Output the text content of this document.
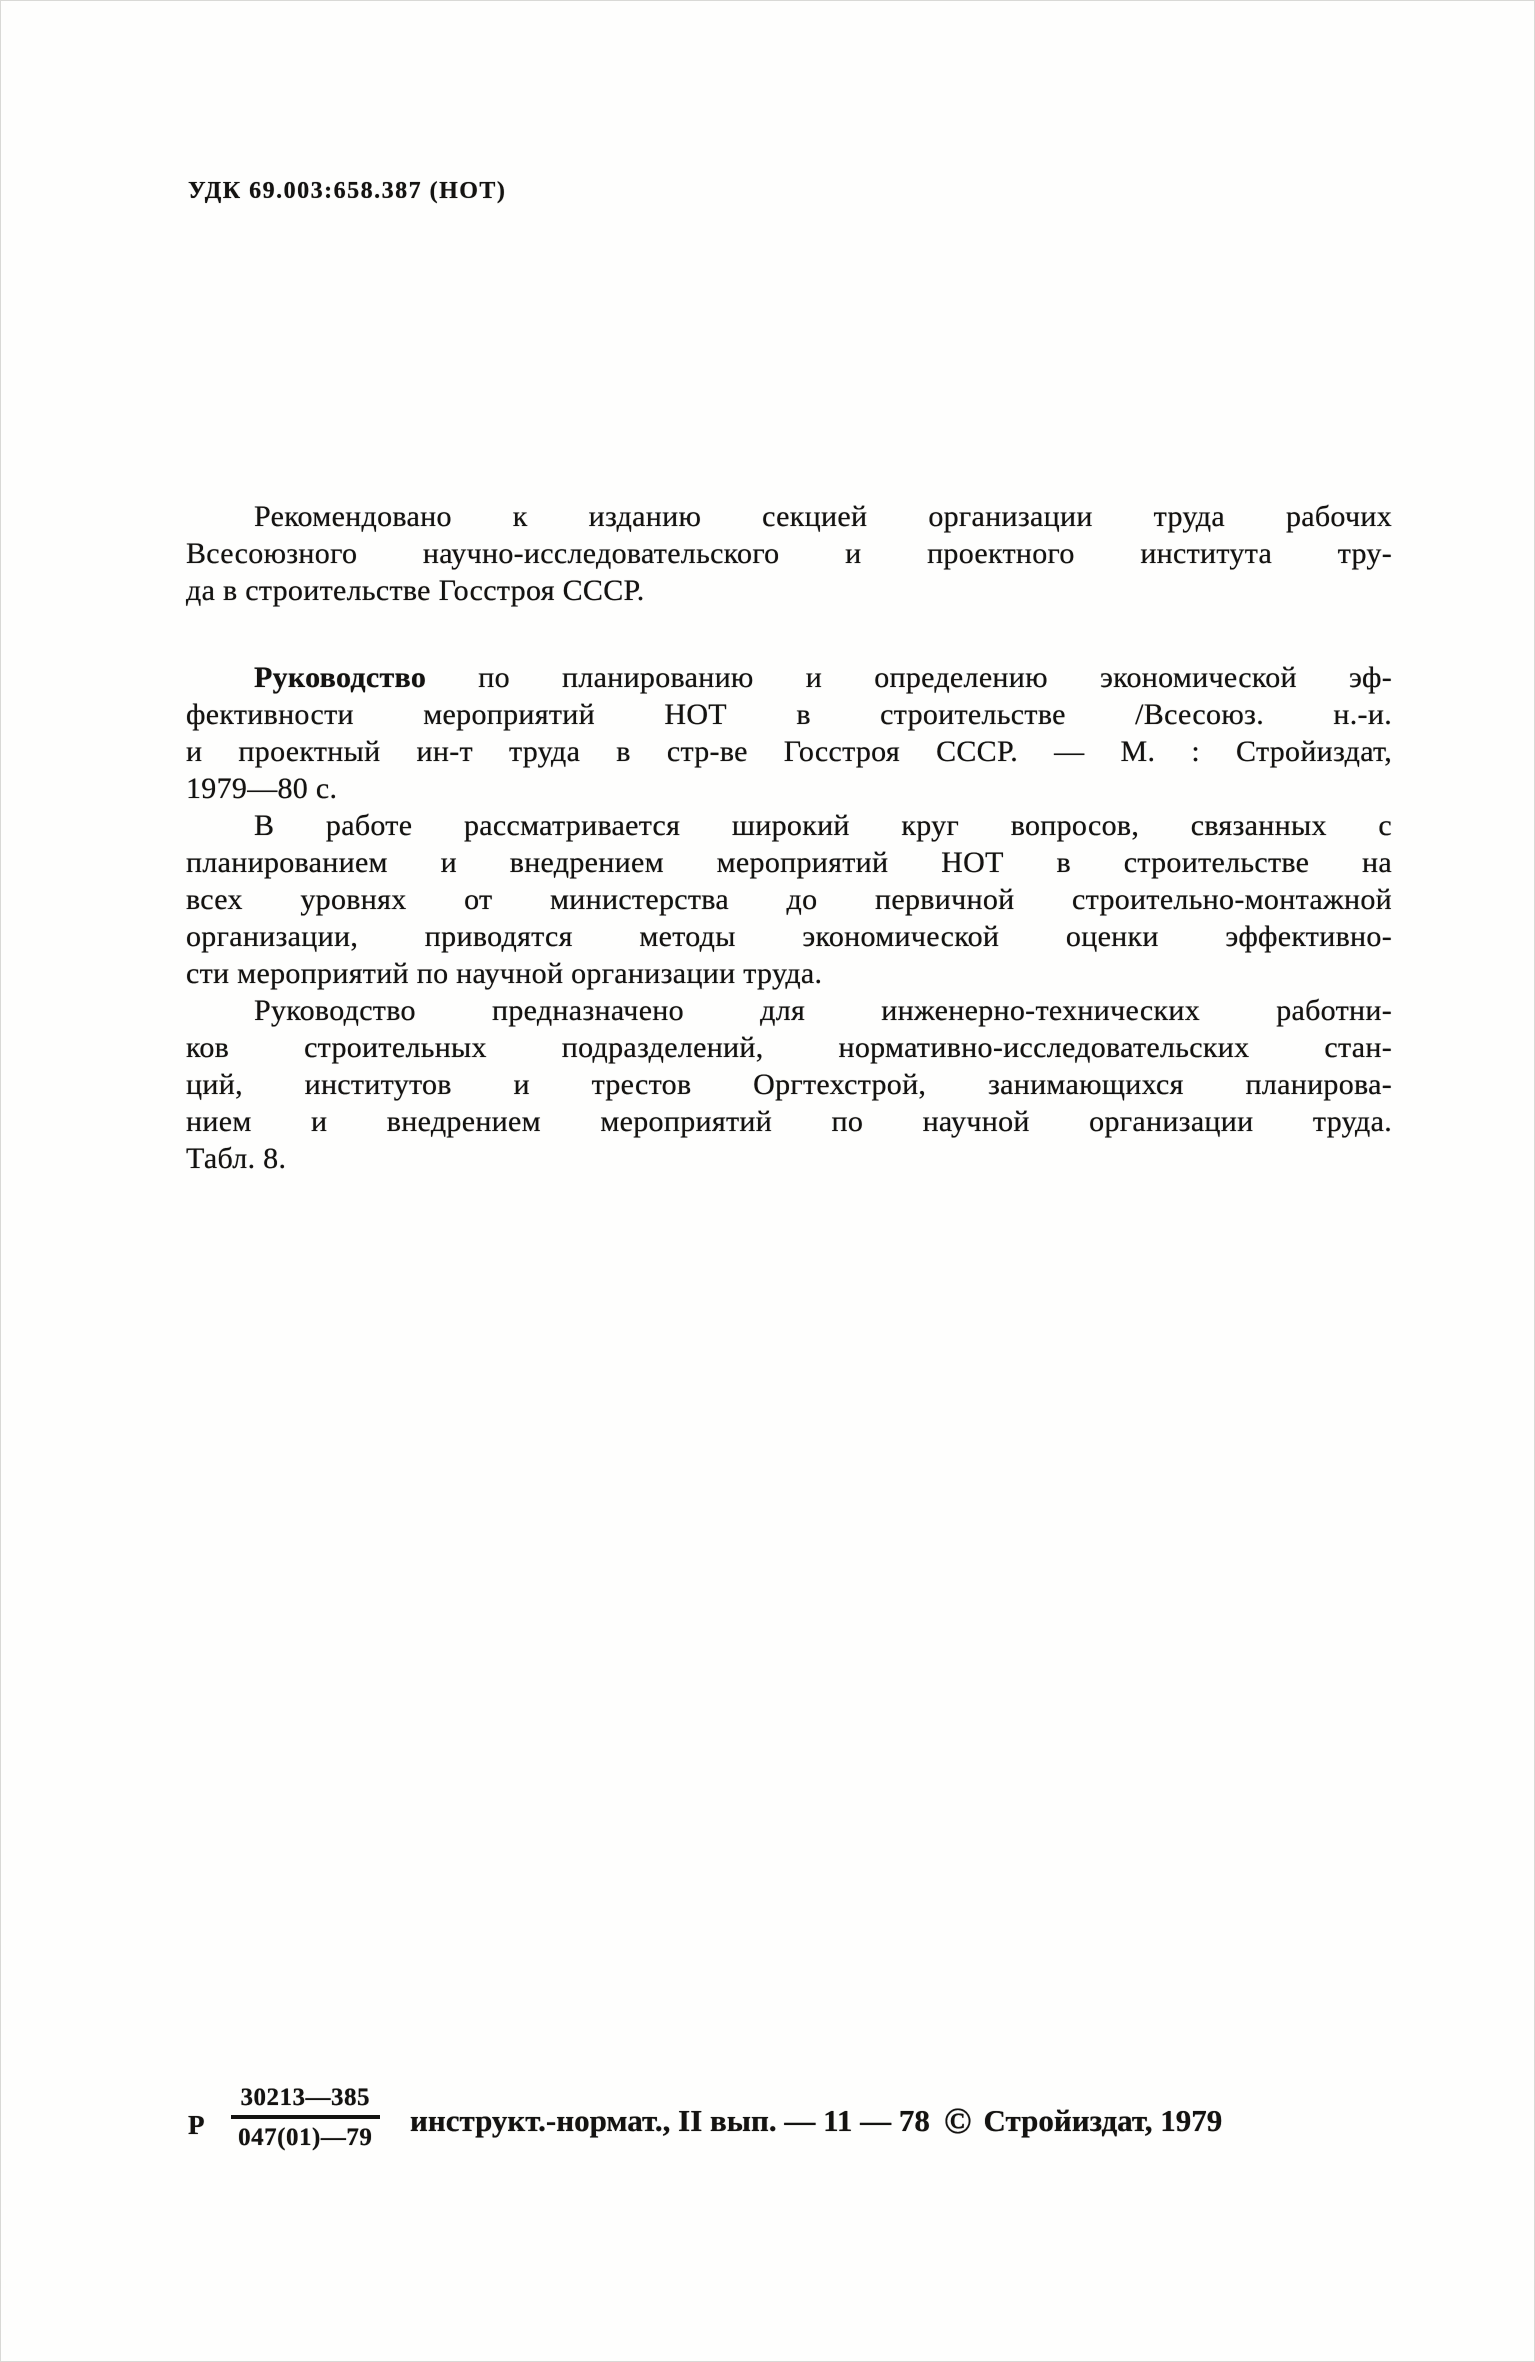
УДК 69.003:658.387 (НОТ)

Рекомендовано к изданию секцией организации труда рабочих
Всесоюзного научно-исследовательского и проектного института тру-
да в строительстве Госстроя СССР.

Руководство по планированию и определению экономической эф-
фективности мероприятий НОТ в строительстве /Всесоюз. н.-и.
и проектный ин-т труда в стр-ве Госстроя СССР. — М. : Стройиздат,
1979—80 с.

В работе рассматривается широкий круг вопросов, связанных с
планированием и внедрением мероприятий НОТ в строительстве на
всех уровнях от министерства до первичной строительно-монтажной
организации, приводятся методы экономической оценки эффективно-
сти мероприятий по научной организации труда.

Руководство предназначено для инженерно-технических работни-
ков строительных подразделений, нормативно-исследовательских стан-
ций, институтов и трестов Оргтехстрой, занимающихся планирова-
нием и внедрением мероприятий по научной организации труда.
Табл. 8.

Р $\frac{30213—385}{047(01)—79}$ инструкт.-нормат., II вып. — 11 — 78 © Стройиздат, 1979
